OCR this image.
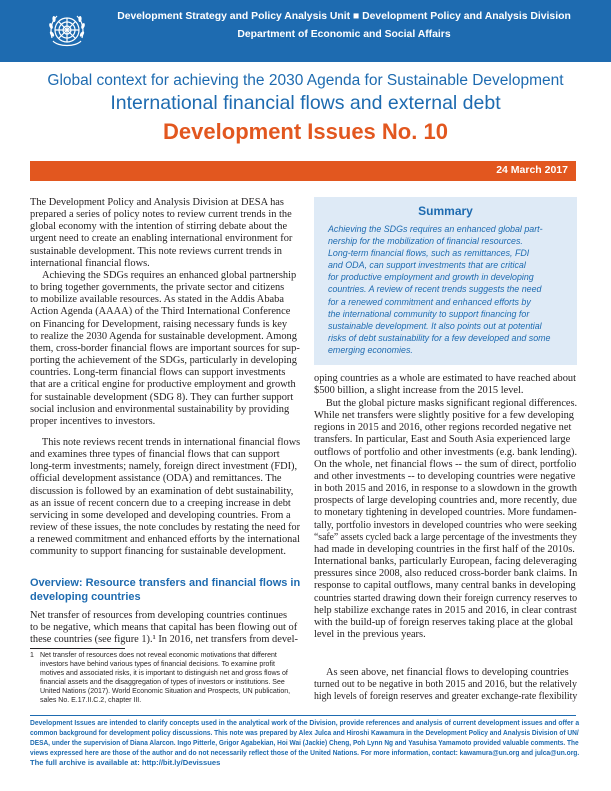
Development Strategy and Policy Analysis Unit ■ Development Policy and Analysis Division
Department of Economic and Social Affairs
Global context for achieving the 2030 Agenda for Sustainable Development
International financial flows and external debt
Development Issues No. 10
24 March 2017
The Development Policy and Analysis Division at DESA has
prepared a series of policy notes to review current trends in the
global economy with the intention of stirring debate about the
urgent need to create an enabling international environment for
sustainable development. This note reviews current trends in
international financial flows.
Achieving the SDGs requires an enhanced global partnership
to bring together governments, the private sector and citizens
to mobilize available resources. As stated in the Addis Ababa
Action Agenda (AAAA) of the Third International Conference
on Financing for Development, raising necessary funds is key
to realize the 2030 Agenda for sustainable development. Among
them, cross-border financial flows are important sources for sup-
porting the achievement of the SDGs, particularly in developing
countries. Long-term financial flows can support investments
that are a critical engine for productive employment and growth
for sustainable development (SDG 8). They can further support
social inclusion and environmental sustainability by providing
proper incentives to investors.
This note reviews recent trends in international financial flows
and examines three types of financial flows that can support
long-term investments; namely, foreign direct investment (FDI),
official development assistance (ODA) and remittances. The
discussion is followed by an examination of debt sustainability,
as an issue of recent concern due to a creeping increase in debt
servicing in some developed and developing countries. From a
review of these issues, the note concludes by restating the need for
a renewed commitment and enhanced efforts by the international
community to support financing for sustainable development.
Overview: Resource transfers and financial flows in
developing countries
Net transfer of resources from developing countries continues
to be negative, which means that capital has been flowing out of
these countries (see figure 1).¹ In 2016, net transfers from devel-
1 Net transfer of resources does not reveal economic motivations that different
investors have behind various types of financial decisions. To examine profit
motives and associated risks, it is important to distinguish net and gross flows of
financial assets and the disaggregation of types of investors or institutions. See
United Nations (2017). World Economic Situation and Prospects, UN publication,
sales No. E.17.II.C.2, chapter III.
Summary
Achieving the SDGs requires an enhanced global part-
nership for the mobilization of financial resources.
Long-term financial flows, such as remittances, FDI
and ODA, can support investments that are critical
for productive employment and growth in developing
countries. A review of recent trends suggests the need
for a renewed commitment and enhanced efforts by
the international community to support financing for
sustainable development. It also points out at potential
risks of debt sustainability for a few developed and some
emerging economies.
oping countries as a whole are estimated to have reached about
$500 billion, a slight increase from the 2015 level.
But the global picture masks significant regional differences.
While net transfers were slightly positive for a few developing
regions in 2015 and 2016, other regions recorded negative net
transfers. In particular, East and South Asia experienced large
outflows of portfolio and other investments (e.g. bank lending).
On the whole, net financial flows -- the sum of direct, portfolio
and other investments -- to developing countries were negative
in both 2015 and 2016, in response to a slowdown in the growth
prospects of large developing countries and, more recently, due
to monetary tightening in developed countries. More fundamen-
tally, portfolio investors in developed countries who were seeking
“safe” assets cycled back a large percentage of the investments they
had made in developing countries in the first half of the 2010s.
International banks, particularly European, facing deleveraging
pressures since 2008, also reduced cross-border bank claims. In
response to capital outflows, many central banks in developing
countries started drawing down their foreign currency reserves to
help stabilize exchange rates in 2015 and 2016, in clear contrast
with the build-up of foreign reserves taking place at the global
level in the previous years.
As seen above, net financial flows to developing countries
turned out to be negative in both 2015 and 2016, but the relatively
high levels of foreign reserves and greater exchange-rate flexibility
Development Issues are intended to clarify concepts used in the analytical work of the Division, provide references and analysis of current development issues and offer a
common background for development policy discussions. This note was prepared by Alex Julca and Hiroshi Kawamura in the Development Policy and Analysis Division of UN/
DESA, under the supervision of Diana Alarcon. Ingo Pitterle, Grigor Agabekian, Hoi Wai (Jackie) Cheng, Poh Lynn Ng and Yasuhisa Yamamoto provided valuable comments. The
views expressed here are those of the author and do not necessarily reflect those of the United Nations. For more information, contact: kawamura@un.org and julca@un.org.
The full archive is available at: http://bit.ly/Devissues
